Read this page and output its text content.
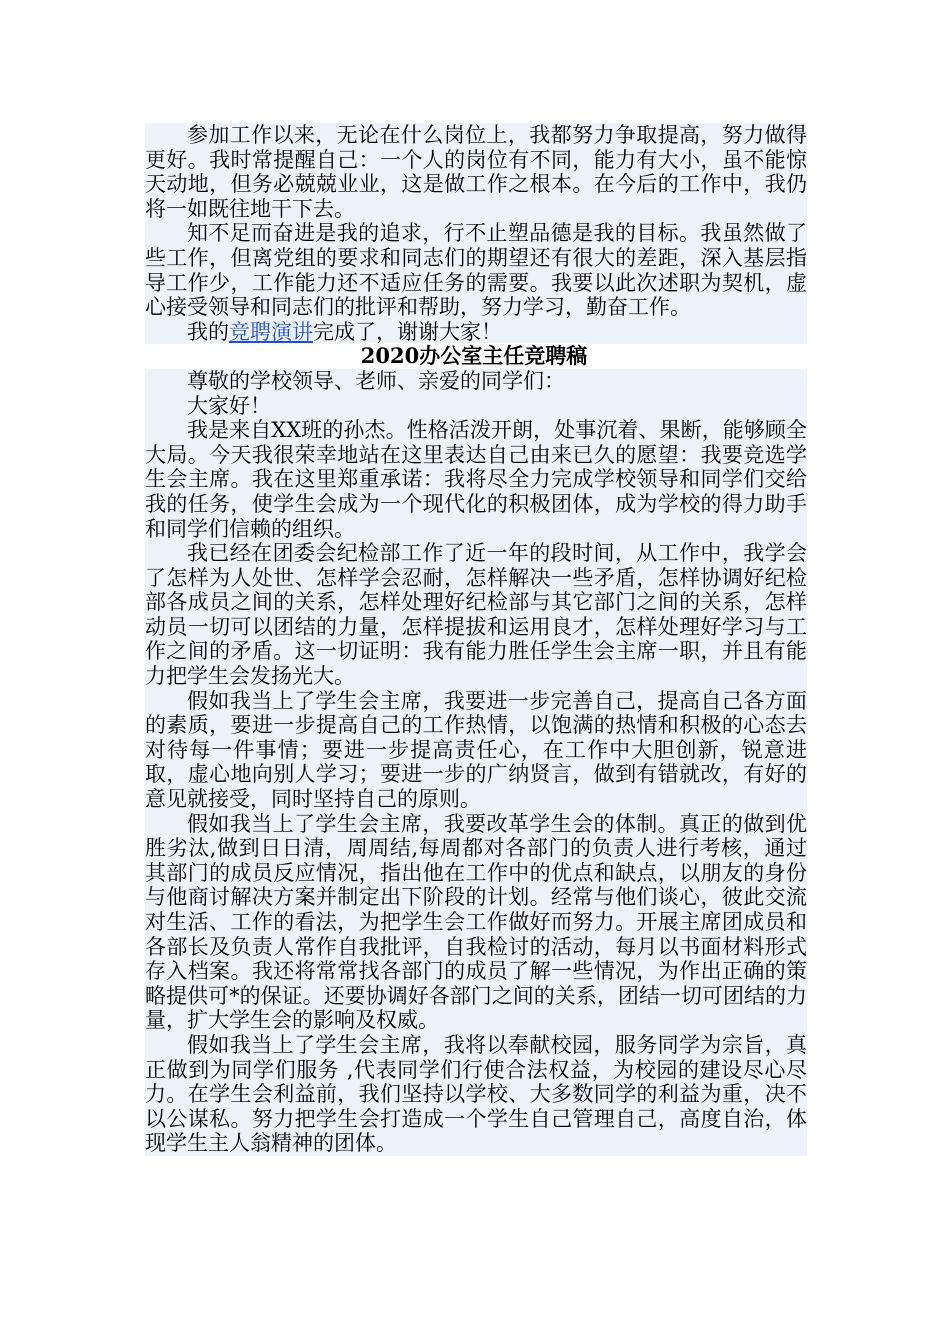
参加工作以来，无论在什么岗位上，我都努力争取提高，努力做得更好。我时常提醒自己：一个人的岗位有不同，能力有大小，虽不能惊天动地，但务必兢兢业业，这是做工作之根本。在今后的工作中，我仍将一如既往地干下去。

知不足而奋进是我的追求，行不止塑品德是我的目标。我虽然做了些工作，但离党组的要求和同志们的期望还有很大的差距，深入基层指导工作少，工作能力还不适应任务的需要。我要以此次述职为契机，虚心接受领导和同志们的批评和帮助，努力学习，勤奋工作。

我的竞聘演讲完成了，谢谢大家！

2020办公室主任竞聘稿

尊敬的学校领导、老师、亲爱的同学们：

大家好！

我是来自XX班的孙杰。性格活泼开朗，处事沉着、果断，能够顾全大局。今天我很荣幸地站在这里表达自己由来已久的愿望：我要竞选学生会主席。我在这里郑重承诺：我将尽全力完成学校领导和同学们交给我的任务，使学生会成为一个现代化的积极团体，成为学校的得力助手和同学们信赖的组织。

我已经在团委会纪检部工作了近一年的段时间，从工作中，我学会了怎样为人处世、怎样学会忍耐，怎样解决一些矛盾，怎样协调好纪检部各成员之间的关系，怎样处理好纪检部与其它部门之间的关系，怎样动员一切可以团结的力量，怎样提拔和运用良才，怎样处理好学习与工作之间的矛盾。这一切证明：我有能力胜任学生会主席一职，并且有能力把学生会发扬光大。

假如我当上了学生会主席，我要进一步完善自己，提高自己各方面的素质，要进一步提高自己的工作热情，以饱满的热情和积极的心态去对待每一件事情；要进一步提高责任心，在工作中大胆创新，锐意进取，虚心地向别人学习；要进一步的广纳贤言，做到有错就改，有好的意见就接受，同时坚持自己的原则。

假如我当上了学生会主席，我要改革学生会的体制。真正的做到优胜劣汰,做到日日清，周周结,每周都对各部门的负责人进行考核，通过其部门的成员反应情况，指出他在工作中的优点和缺点，以朋友的身份与他商讨解决方案并制定出下阶段的计划。经常与他们谈心，彼此交流对生活、工作的看法，为把学生会工作做好而努力。开展主席团成员和各部长及负责人常作自我批评，自我检讨的活动，每月以书面材料形式存入档案。我还将常常找各部门的成员了解一些情况，为作出正确的策略提供可*的保证。还要协调好各部门之间的关系，团结一切可团结的力量，扩大学生会的影响及权威。

假如我当上了学生会主席，我将以奉献校园，服务同学为宗旨，真正做到为同学们服务 ,代表同学们行使合法权益，为校园的建设尽心尽力。在学生会利益前，我们坚持以学校、大多数同学的利益为重，决不以公谋私。努力把学生会打造成一个学生自己管理自己，高度自治，体现学生主人翁精神的团体。
